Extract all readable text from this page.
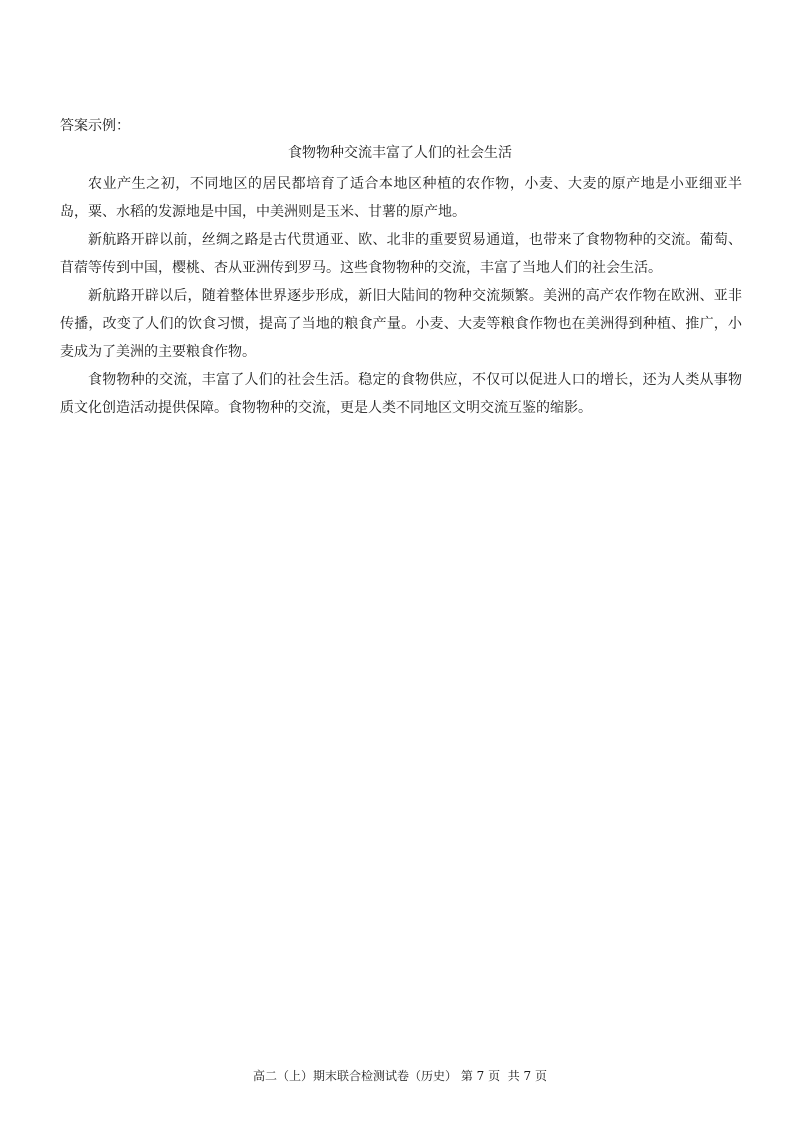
答案示例：
食物物种交流丰富了人们的社会生活

农业产生之初，不同地区的居民都培育了适合本地区种植的农作物，小麦、大麦的原产地是小亚细亚半岛，粟、水稻的发源地是中国，中美洲则是玉米、甘薯的原产地。

新航路开辟以前，丝绸之路是古代贯通亚、欧、北非的重要贸易通道，也带来了食物物种的交流。葡萄、苜蓿等传到中国，樱桃、杏从亚洲传到罗马。这些食物物种的交流，丰富了当地人们的社会生活。

新航路开辟以后，随着整体世界逐步形成，新旧大陆间的物种交流频繁。美洲的高产农作物在欧洲、亚非传播，改变了人们的饮食习惯，提高了当地的粮食产量。小麦、大麦等粮食作物也在美洲得到种植、推广，小麦成为了美洲的主要粮食作物。

食物物种的交流，丰富了人们的社会生活。稳定的食物供应，不仅可以促进人口的增长，还为人类从事物质文化创造活动提供保障。食物物种的交流，更是人类不同地区文明交流互鉴的缩影。

高二（上）期末联合检测试卷（历史） 第 7 页  共 7 页
